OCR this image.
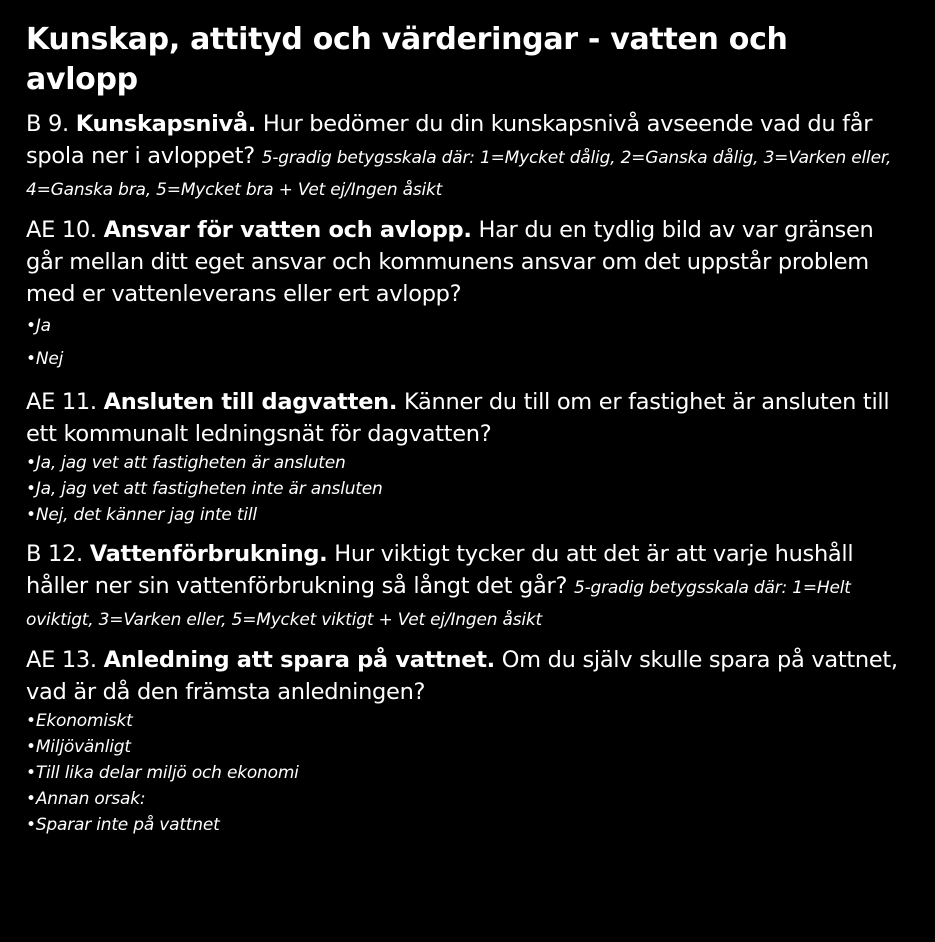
Kunskap, attityd och värderingar - vatten och avlopp
B 9. Kunskapsnivå. Hur bedömer du din kunskapsnivå avseende vad du får spola ner i avloppet? 5-gradig betygsskala där: 1=Mycket dålig, 2=Ganska dålig, 3=Varken eller, 4=Ganska bra, 5=Mycket bra + Vet ej/Ingen åsikt
AE 10. Ansvar för vatten och avlopp. Har du en tydlig bild av var gränsen går mellan ditt eget ansvar och kommunens ansvar om det uppstår problem med er vattenleverans eller ert avlopp?
• Ja
• Nej
AE 11. Ansluten till dagvatten. Känner du till om er fastighet är ansluten till ett kommunalt ledningsnät för dagvatten?
• Ja, jag vet att fastigheten är ansluten
• Ja, jag vet att fastigheten inte är ansluten
• Nej, det känner jag inte till
B 12. Vattenförbrukning. Hur viktigt tycker du att det är att varje hushåll håller ner sin vattenförbrukning så långt det går? 5-gradig betygsskala där: 1=Helt oviktigt, 3=Varken eller, 5=Mycket viktigt + Vet ej/Ingen åsikt
AE 13. Anledning att spara på vattnet. Om du själv skulle spara på vattnet, vad är då den främsta anledningen?
• Ekonomiskt
• Miljövänligt
• Till lika delar miljö och ekonomi
• Annan orsak:
• Sparar inte på vattnet
